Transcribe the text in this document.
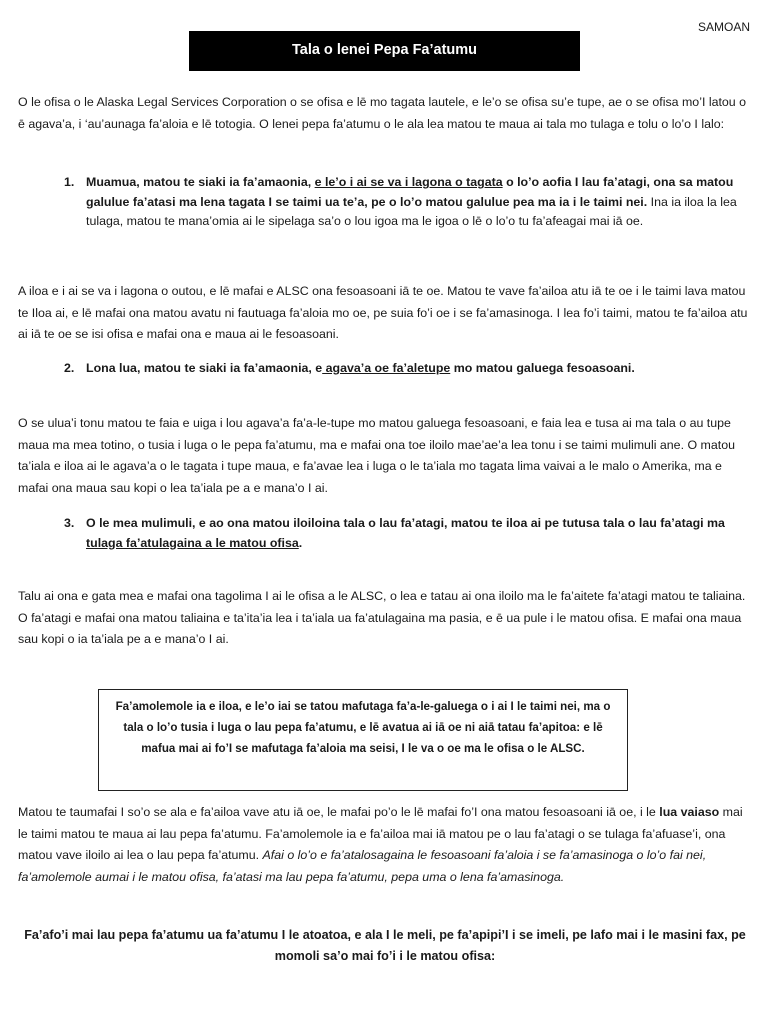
SAMOAN
Tala o lenei Pepa Fa’atumu

O le ofisa o le Alaska Legal Services Corporation o se ofisa e lē mo tagata lautele, e le’o se ofisa su’e tupe, ae o se ofisa mo’I latou o ē agava’a, i ‘au’aunaga fa’aloia e lē totogia. O lenei pepa fa’atumu o le ala lea matou te maua ai tala mo tulaga e tolu o lo’o I lalo:

1. Muamua, matou te siaki ia fa’amaonia, e le’o i ai se va i lagona o tagata o lo’o aofia I lau fa’atagi, ona sa matou galulue fa’atasi ma lena tagata I se taimi ua te’a, pe o lo’o matou galulue pea ma ia i le taimi nei. Ina ia iloa la lea tulaga, matou te mana’omia ai le sipelaga sa’o o lou igoa ma le igoa o lē o lo’o tu fa’afeagai mai iā oe.

A iloa e i ai se va i lagona o outou, e lē mafai e ALSC ona fesoasoani iā te oe. Matou te vave fa’ailoa atu iā te oe i le taimi lava matou te Iloa ai, e lē mafai ona matou avatu ni fautuaga fa’aloia mo oe, pe suia fo’i oe i se fa’amasinoga. I lea fo’i taimi, matou te fa’ailoa atu ai iā te oe se isi ofisa e mafai ona e maua ai le fesoasoani.

2. Lona lua, matou te siaki ia fa’amaonia, e agava’a oe fa’aletupe mo matou galuega fesoasoani.

O se ulua’i tonu matou te faia e uiga i lou agava’a fa’a-le-tupe mo matou galuega fesoasoani, e faia lea e tusa ai ma tala o au tupe maua ma mea totino, o tusia i luga o le pepa fa’atumu, ma e mafai ona toe iloilo mae’ae’a lea tonu i se taimi mulimuli ane. O matou ta’iala e iloa ai le agava’a o le tagata i tupe maua, e fa’avae lea i luga o le ta’iala mo tagata lima vaivai a le malo o Amerika, ma e mafai ona maua sau kopi o lea ta’iala pe a e mana’o I ai.

3. O le mea mulimuli, e ao ona matou iloiloina tala o lau fa’atagi, matou te iloa ai pe tutusa tala o lau fa’atagi ma tulaga fa’atulagaina a le matou ofisa.

Talu ai ona e gata mea e mafai ona tagolima I ai le ofisa a le ALSC, o lea e tatau ai ona iloilo ma le fa’aitete fa’atagi matou te taliaina. O fa’atagi e mafai ona matou taliaina e ta’ita’ia lea i ta’iala ua fa’atulagaina ma pasia, e ē ua pule i le matou ofisa. E mafai ona maua sau kopi o ia ta’iala pe a e mana’o I ai.

Fa’amolemole ia e iloa, e le’o iai se tatou mafutaga fa’a-le-galuega o i ai I le taimi nei, ma o tala o lo’o tusia i luga o lau pepa fa’atumu, e lē avatua ai iā oe ni aiā tatau fa’apitoa: e lē mafua mai ai fo’I se mafutaga fa’aloia ma seisi, I le va o oe ma le ofisa o le ALSC.

Matou te taumafai I so’o se ala e fa’ailoa vave atu iā oe, le mafai po’o le lē mafai fo’I ona matou fesoasoani iā oe, i le lua vaiaso mai le taimi matou te maua ai lau pepa fa’atumu. Fa’amolemole ia e fa’ailoa mai iā matou pe o lau fa’atagi o se tulaga fa’afuase’i, ona matou vave iloilo ai lea o lau pepa fa’atumu. Afai o lo’o e fa’atalosagaina le fesoasoani fa’aloia i se fa’amasinoga o lo’o fai nei, fa’amolemole aumai i le matou ofisa, fa’atasi ma lau pepa fa’atumu, pepa uma o lena fa’amasinoga.

Fa’afo’i mai lau pepa fa’atumu ua fa’atumu I le atoatoa, e ala I le meli, pe fa’apipi’I i se imeli, pe lafo mai i le masini fax, pe momoli sa’o mai fo’i i le matou ofisa:
